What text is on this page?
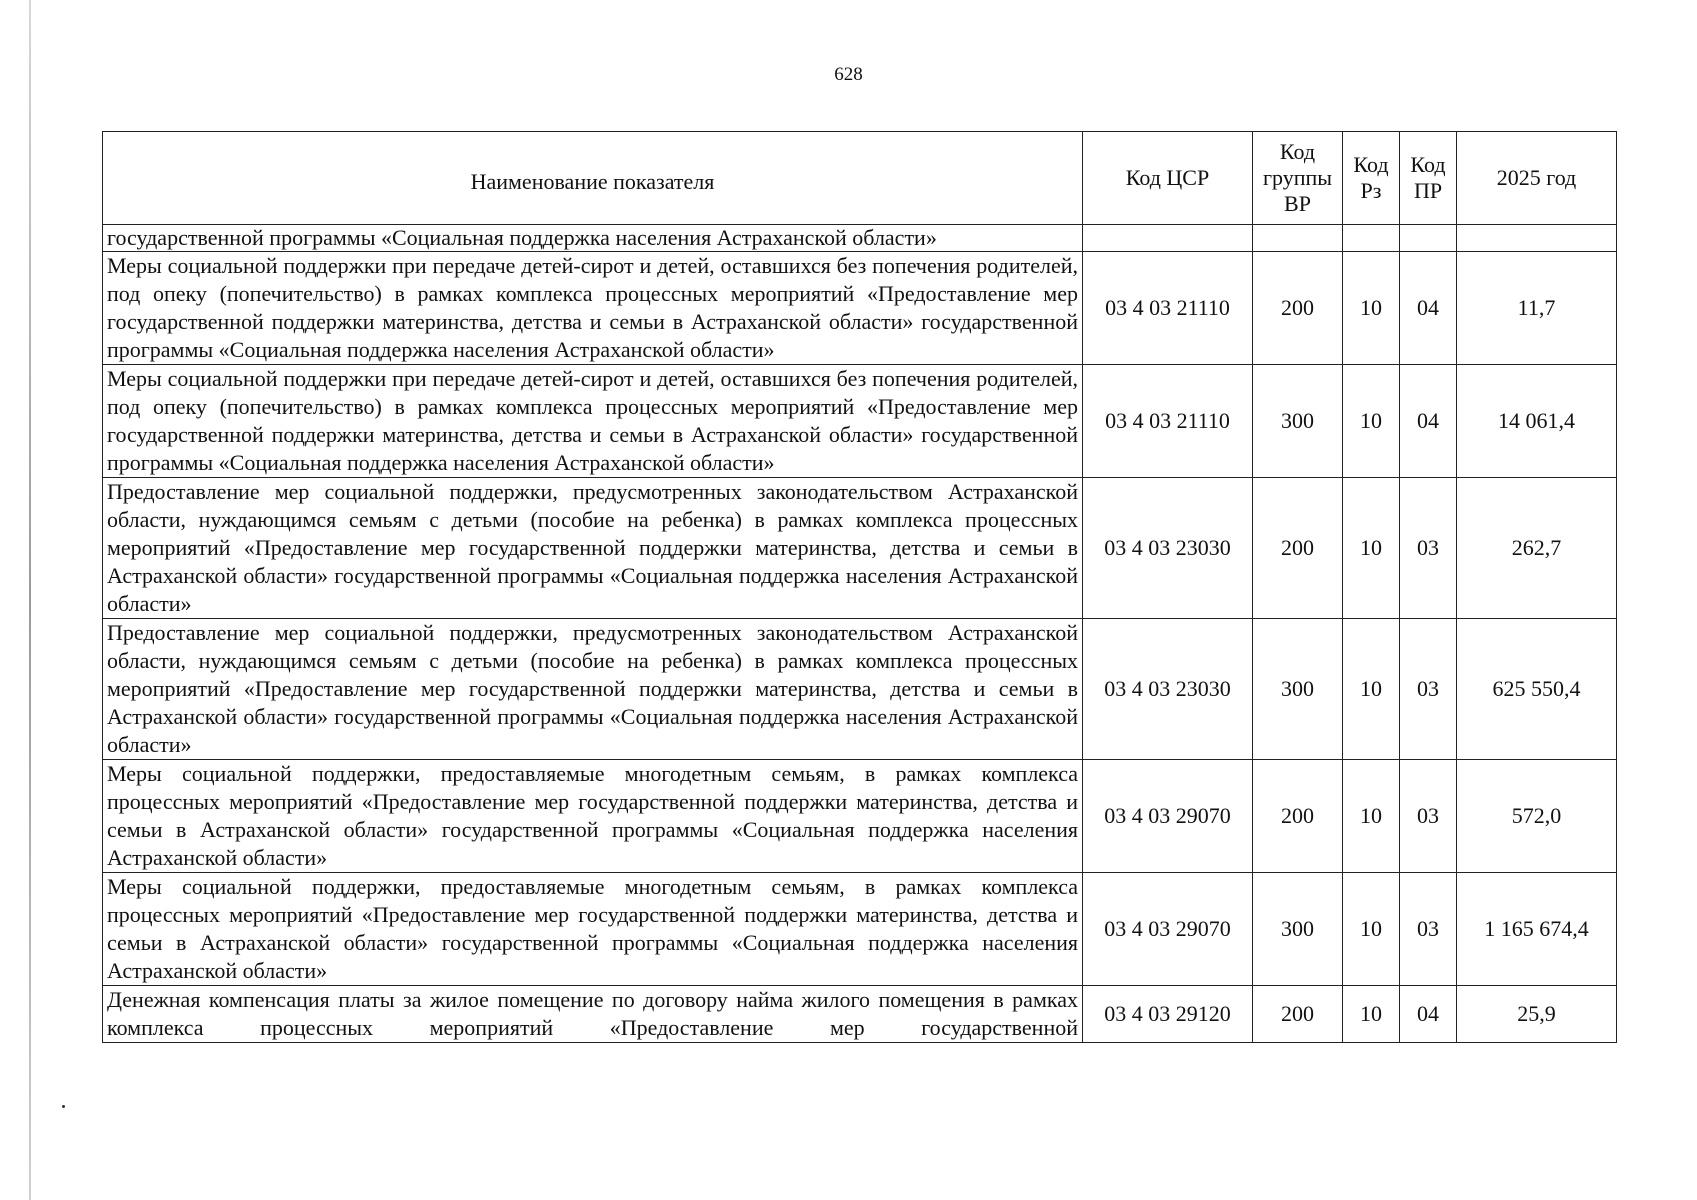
628
Наименование показателя	Код ЦСР	Код группы ВР	Код Рз	Код ПР	2025 год
государственной программы «Социальная поддержка населения Астраханской области»					
Меры социальной поддержки при передаче детей-сирот и детей, оставшихся без попечения родителей, под опеку (попечительство) в рамках комплекса процессных мероприятий «Предоставление мер государственной поддержки материнства, детства и семьи в Астраханской области» государственной программы «Социальная поддержка населения Астраханской области»	03 4 03 21110	200	10	04	11,7
Меры социальной поддержки при передаче детей-сирот и детей, оставшихся без попечения родителей, под опеку (попечительство) в рамках комплекса процессных мероприятий «Предоставление мер государственной поддержки материнства, детства и семьи в Астраханской области» государственной программы «Социальная поддержка населения Астраханской области»	03 4 03 21110	300	10	04	14 061,4
Предоставление мер социальной поддержки, предусмотренных законодательством Астраханской области, нуждающимся семьям с детьми (пособие на ребенка) в рамках комплекса процессных мероприятий «Предоставление мер государственной поддержки материнства, детства и семьи в Астраханской области» государственной программы «Социальная поддержка населения Астраханской области»	03 4 03 23030	200	10	03	262,7
Предоставление мер социальной поддержки, предусмотренных законодательством Астраханской области, нуждающимся семьям с детьми (пособие на ребенка) в рамках комплекса процессных мероприятий «Предоставление мер государственной поддержки материнства, детства и семьи в Астраханской области» государственной программы «Социальная поддержка населения Астраханской области»	03 4 03 23030	300	10	03	625 550,4
Меры социальной поддержки, предоставляемые многодетным семьям, в рамках комплекса процессных мероприятий «Предоставление мер государственной поддержки материнства, детства и семьи в Астраханской области» государственной программы «Социальная поддержка населения Астраханской области»	03 4 03 29070	200	10	03	572,0
Меры социальной поддержки, предоставляемые многодетным семьям, в рамках комплекса процессных мероприятий «Предоставление мер государственной поддержки материнства, детства и семьи в Астраханской области» государственной программы «Социальная поддержка населения Астраханской области»	03 4 03 29070	300	10	03	1 165 674,4
Денежная компенсация платы за жилое помещение по договору найма жилого помещения в рамках комплекса процессных мероприятий «Предоставление мер государственной	03 4 03 29120	200	10	04	25,9
